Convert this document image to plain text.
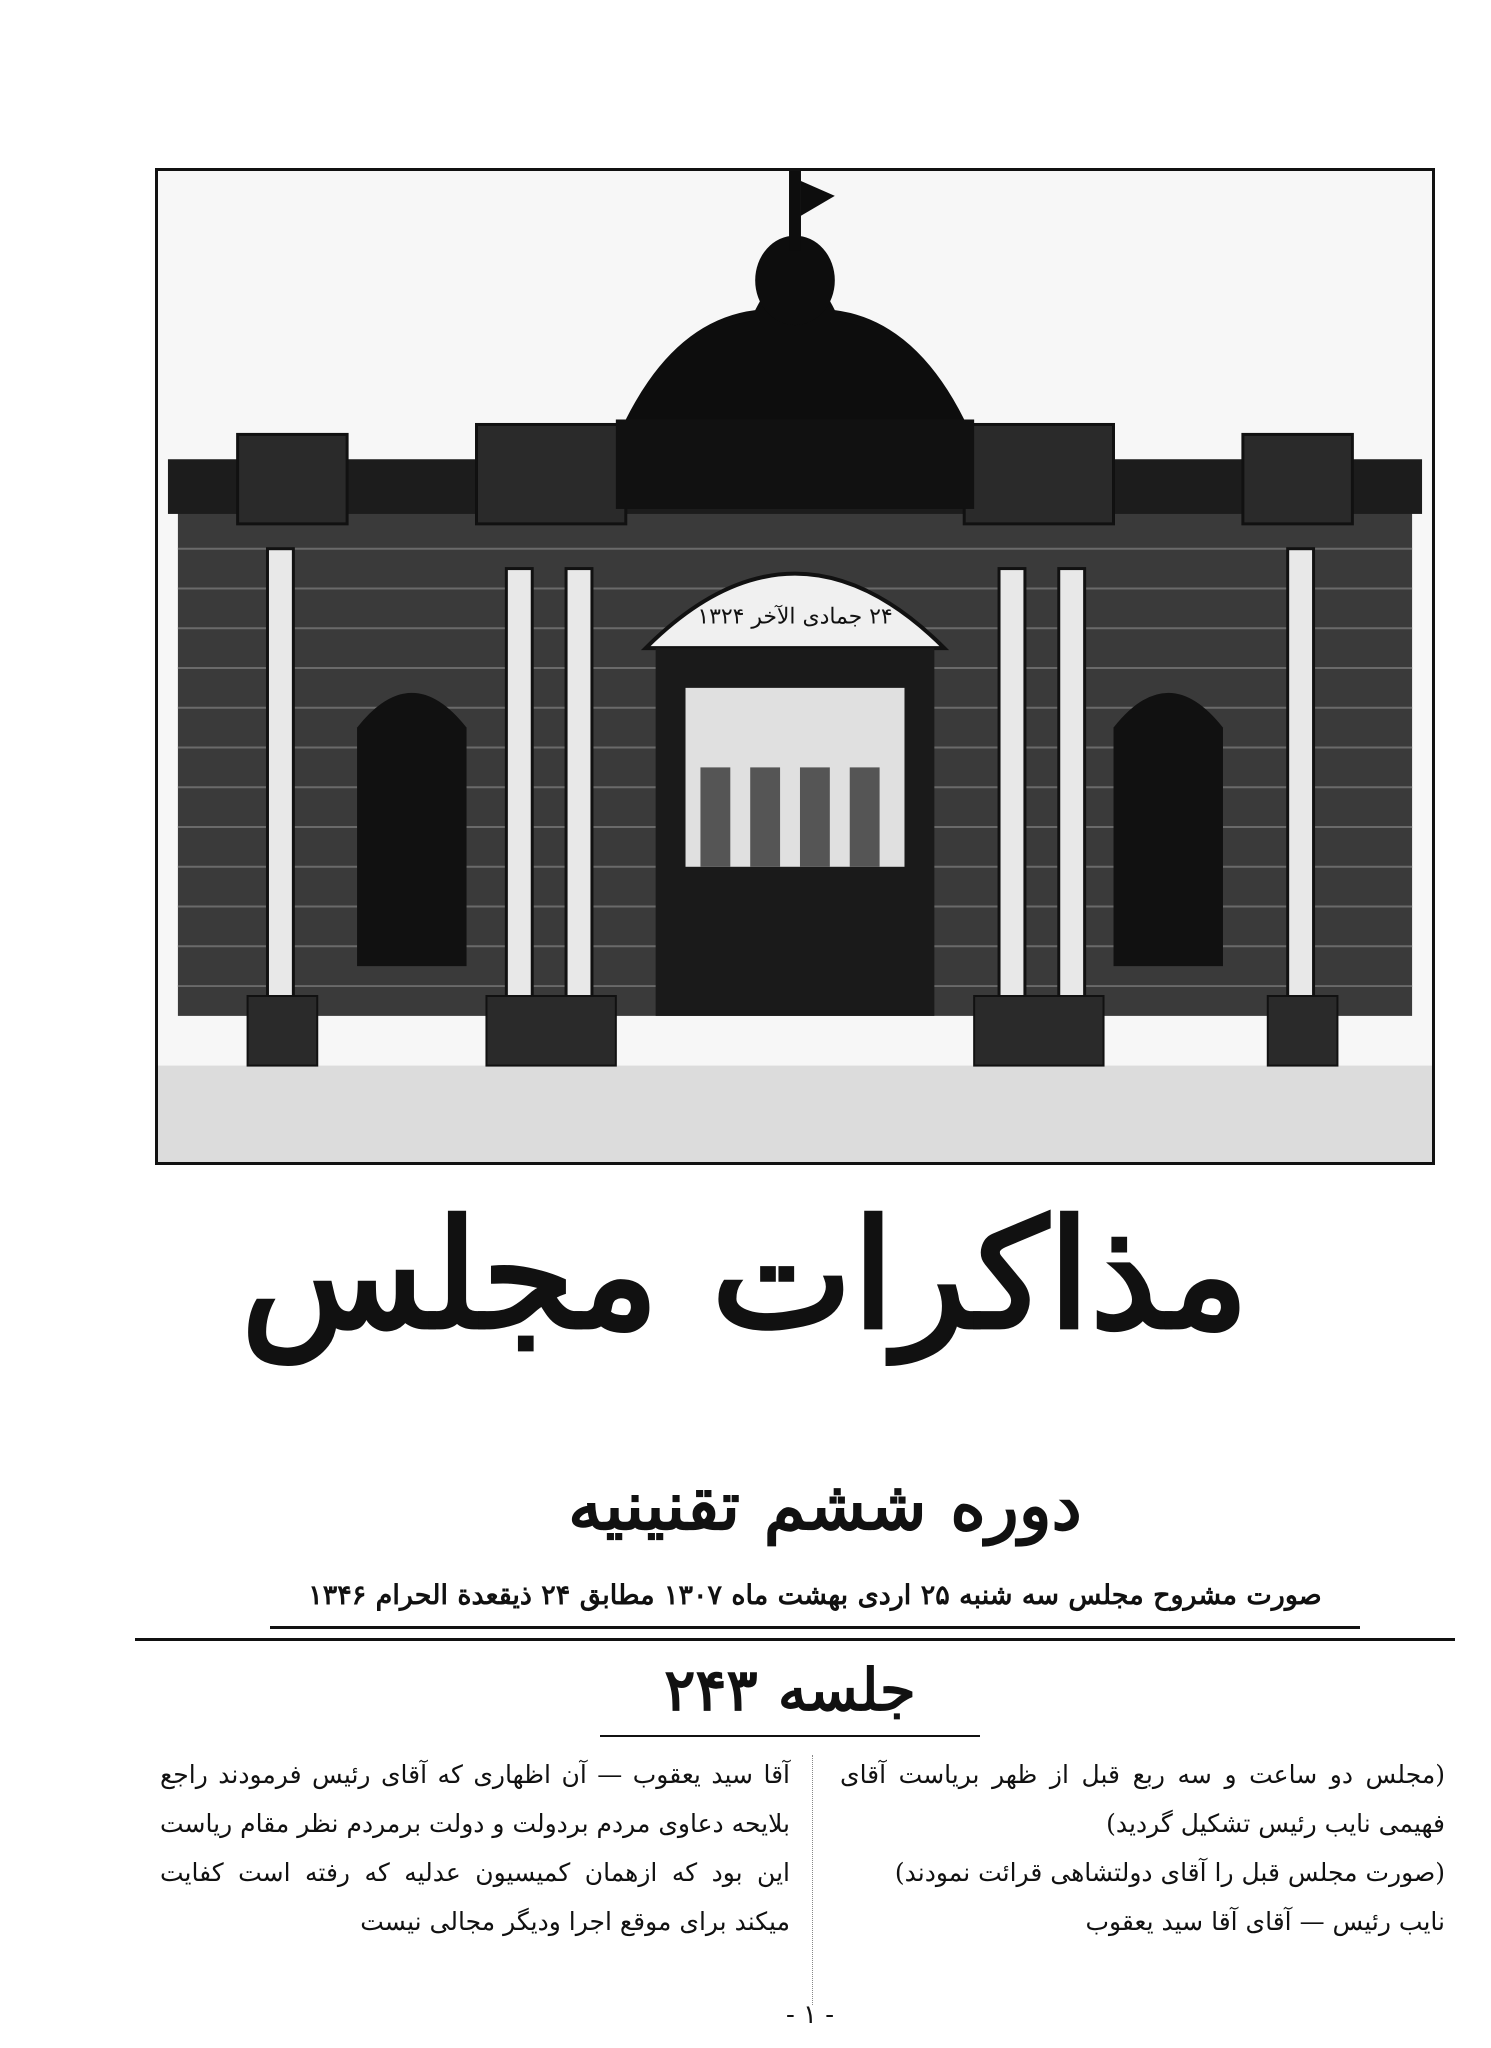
۲۴ جمادی الآخر ۱۳۲۴
مذاکرات مجلس
دوره ششم تقنینیه
صورت مشروح مجلس سه شنبه ۲۵ اردی بهشت ماه ۱۳۰۷ مطابق ۲۴ ذیقعدة الحرام ۱۳۴۶
جلسه ۲۴۳

(مجلس دو ساعت و سه ربع قبل از ظهر بریاست آقای فهیمی نایب رئیس تشکیل گردید)

(صورت مجلس قبل را آقای دولتشاهی قرائت نمودند)

نایب رئیس — آقای آقا سید یعقوب

آقا سید یعقوب — آن اظهاری که آقای رئیس فرمودند راجع بلایحه دعاوی مردم بردولت و دولت برمردم نظر مقام ریاست این بود که ازهمان کمیسیون عدلیه که رفته است کفایت میکند برای موقع اجرا ودیگر مجالی نیست

- ۱ -
